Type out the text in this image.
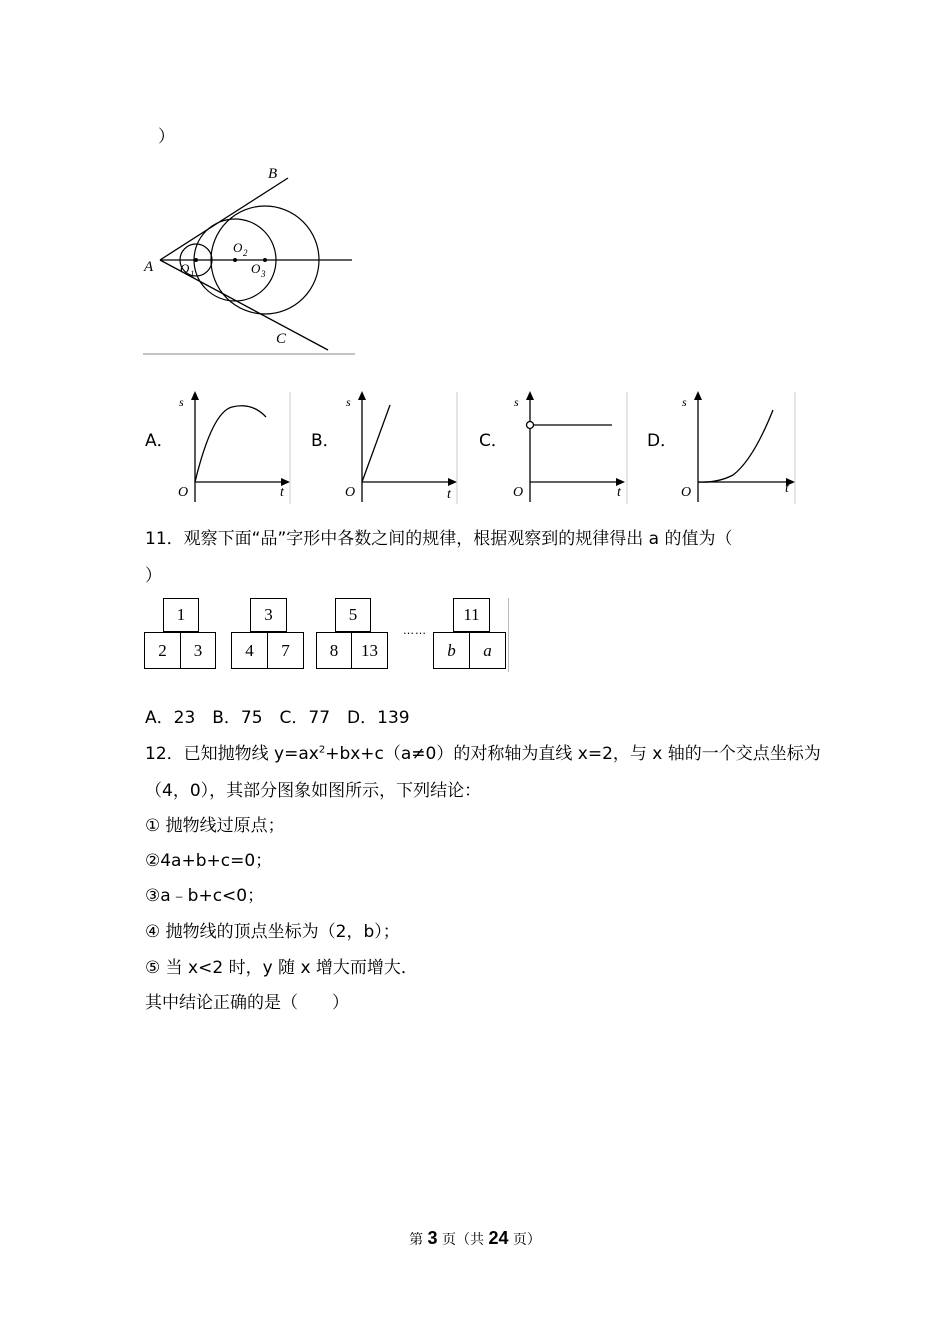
）
B
A
C
O 1
O 2
O 3
A．	B．	C．	D．
s
t
O
s
t
O
s
t
O
s
t
O
11．观察下面“品”字形中各数之间的规律，根据观察到的规律得出 a 的值为（
）
1
2	3
3
4	7
5
8	13
……
11
b	a
A．23　B．75　C．77　D．139
12．已知抛物线 $y=ax^2+bx+c(a\ne 0)$的对称轴为直线 x=2，与 x 轴的一个交点坐标为
（4，0），其部分图象如图所示，下列结论：
① 抛物线过原点；
②4a+b+c=0；
③a﹣b+c<0；
④ 抛物线的顶点坐标为（2，b）；
⑤ 当 x<2 时，y 随 x 增大而增大．
其中结论正确的是（　　）
第 3 页（共 24 页）
